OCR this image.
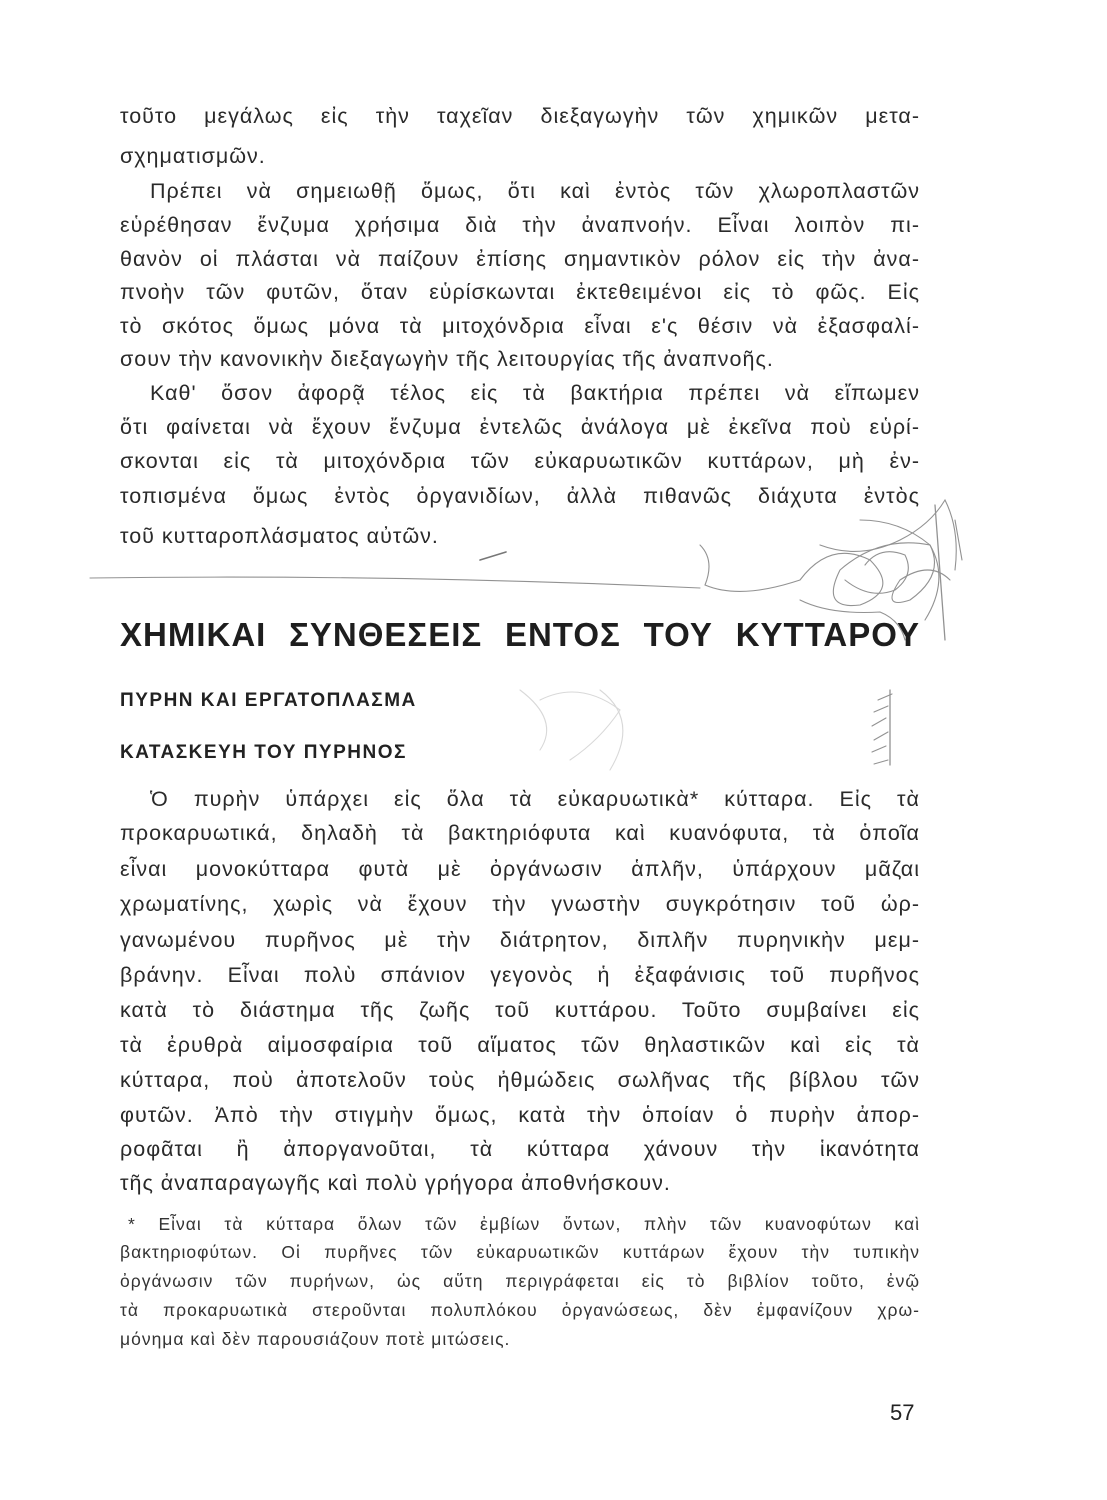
τοῦτο μεγάλως εἰς τὴν ταχεῖαν διεξαγωγὴν τῶν χημικῶν μετα-
σχηματισμῶν.
Πρέπει νὰ σημειωθῇ ὅμως, ὅτι καὶ ἐντὸς τῶν χλωροπλαστῶν
εὑρέθησαν ἔνζυμα χρήσιμα διὰ τὴν ἀναπνοήν. Εἶναι λοιπὸν πι-
θανὸν οἱ πλάσται νὰ παίζουν ἐπίσης σημαντικὸν ρόλον εἰς τὴν ἀνα-
πνοὴν τῶν φυτῶν, ὅταν εὑρίσκωνται ἐκτεθειμένοι εἰς τὸ φῶς. Εἰς
τὸ σκότος ὅμως μόνα τὰ μιτοχόνδρια εἶναι ε'ς θέσιν νὰ ἐξασφαλί-
σουν τὴν κανονικὴν διεξαγωγὴν τῆς λειτουργίας τῆς ἀναπνοῆς.
Καθ' ὅσον ἀφορᾷ τέλος εἰς τὰ βακτήρια πρέπει νὰ εἴπωμεν
ὅτι φαίνεται νὰ ἔχουν ἔνζυμα ἐντελῶς ἀνάλογα μὲ ἐκεῖνα ποὺ εὑρί-
σκονται εἰς τὰ μιτοχόνδρια τῶν εὐκαρυωτικῶν κυττάρων, μὴ ἐν-
τοπισμένα ὅμως ἐντὸς ὀργανιδίων, ἀλλὰ πιθανῶς διάχυτα ἐντὸς
τοῦ κυτταροπλάσματος αὐτῶν.
ΧΗΜΙΚΑΙ ΣΥΝΘΕΣΕΙΣ ΕΝΤΟΣ ΤΟΥ ΚΥΤΤΑΡΟΥ
ΠΥΡΗΝ ΚΑΙ ΕΡΓΑΤΟΠΛΑΣΜΑ
ΚΑΤΑΣΚΕΥΗ ΤΟΥ ΠΥΡΗΝΟΣ
Ὁ πυρὴν ὑπάρχει εἰς ὅλα τὰ εὐκαρυωτικὰ* κύτταρα. Εἰς τὰ
προκαρυωτικά, δηλαδὴ τὰ βακτηριόφυτα καὶ κυανόφυτα, τὰ ὁποῖα
εἶναι μονοκύτταρα φυτὰ μὲ ὀργάνωσιν ἁπλῆν, ὑπάρχουν μᾶζαι
χρωματίνης, χωρὶς νὰ ἔχουν τὴν γνωστὴν συγκρότησιν τοῦ ὠρ-
γανωμένου πυρῆνος μὲ τὴν διάτρητον, διπλῆν πυρηνικὴν μεμ-
βράνην. Εἶναι πολὺ σπάνιον γεγονὸς ἡ ἐξαφάνισις τοῦ πυρῆνος
κατὰ τὸ διάστημα τῆς ζωῆς τοῦ κυττάρου. Τοῦτο συμβαίνει εἰς
τὰ ἐρυθρὰ αἱμοσφαίρια τοῦ αἵματος τῶν θηλαστικῶν καὶ εἰς τὰ
κύτταρα, ποὺ ἀποτελοῦν τοὺς ἠθμώδεις σωλῆνας τῆς βίβλου τῶν
φυτῶν. Ἀπὸ τὴν στιγμὴν ὅμως, κατὰ τὴν ὁποίαν ὁ πυρὴν ἀπορ-
ροφᾶται ἢ ἀποργανοῦται, τὰ κύτταρα χάνουν τὴν ἱκανότητα
τῆς ἀναπαραγωγῆς καὶ πολὺ γρήγορα ἀποθνήσκουν.
* Εἶναι τὰ κύτταρα ὅλων τῶν ἐμβίων ὄντων, πλὴν τῶν κυανοφύτων καὶ
βακτηριοφύτων. Οἱ πυρῆνες τῶν εὐκαρυωτικῶν κυττάρων ἔχουν τὴν τυπικὴν
ὀργάνωσιν τῶν πυρήνων, ὡς αὕτη περιγράφεται εἰς τὸ βιβλίον τοῦτο, ἐνῷ
τὰ προκαρυωτικὰ στεροῦνται πολυπλόκου ὀργανώσεως, δὲν ἐμφανίζουν χρω-
μόνημα καὶ δὲν παρουσιάζουν ποτὲ μιτώσεις.
57
